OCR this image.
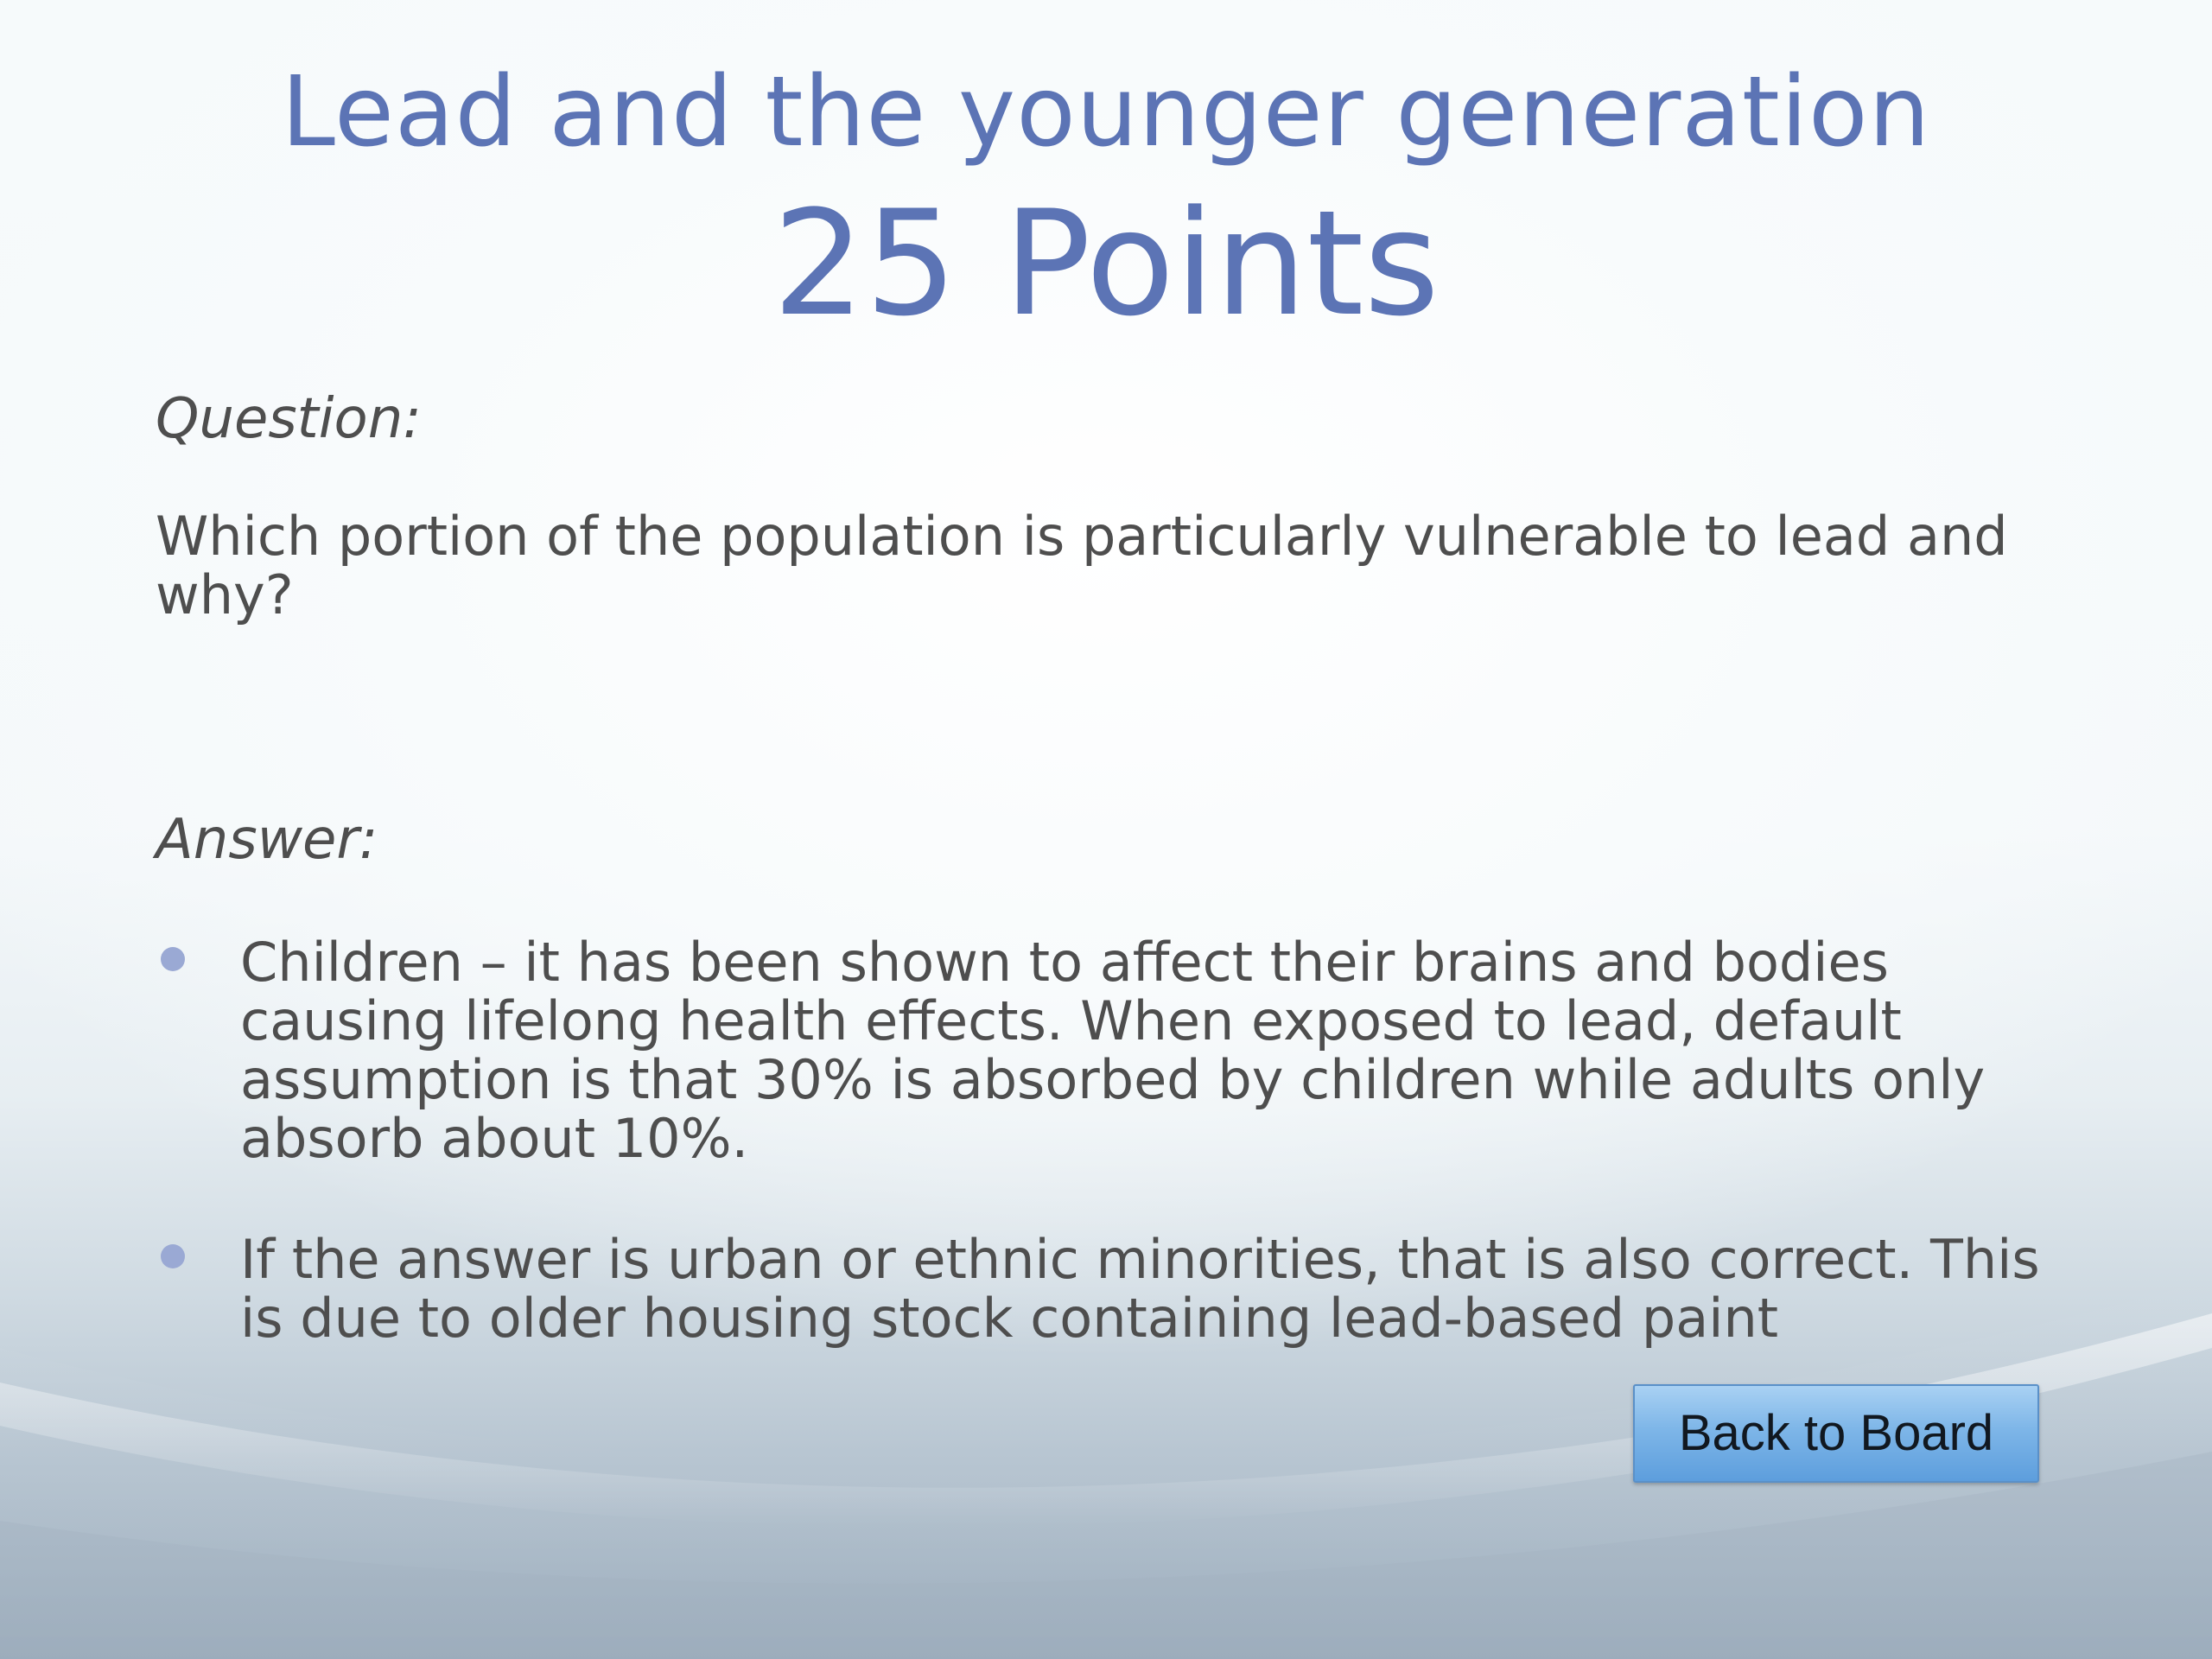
Lead and the younger generation
25 Points
Question:
Which portion of the population is particularly vulnerable to lead and why?
Answer:
Children – it has been shown to affect their brains and bodies causing lifelong health effects. When exposed to lead, default assumption is that 30% is absorbed by children while adults only absorb about 10%.
If the answer is urban or ethnic minorities, that is also correct. This is due to older housing stock containing lead-based paint
Back to Board
